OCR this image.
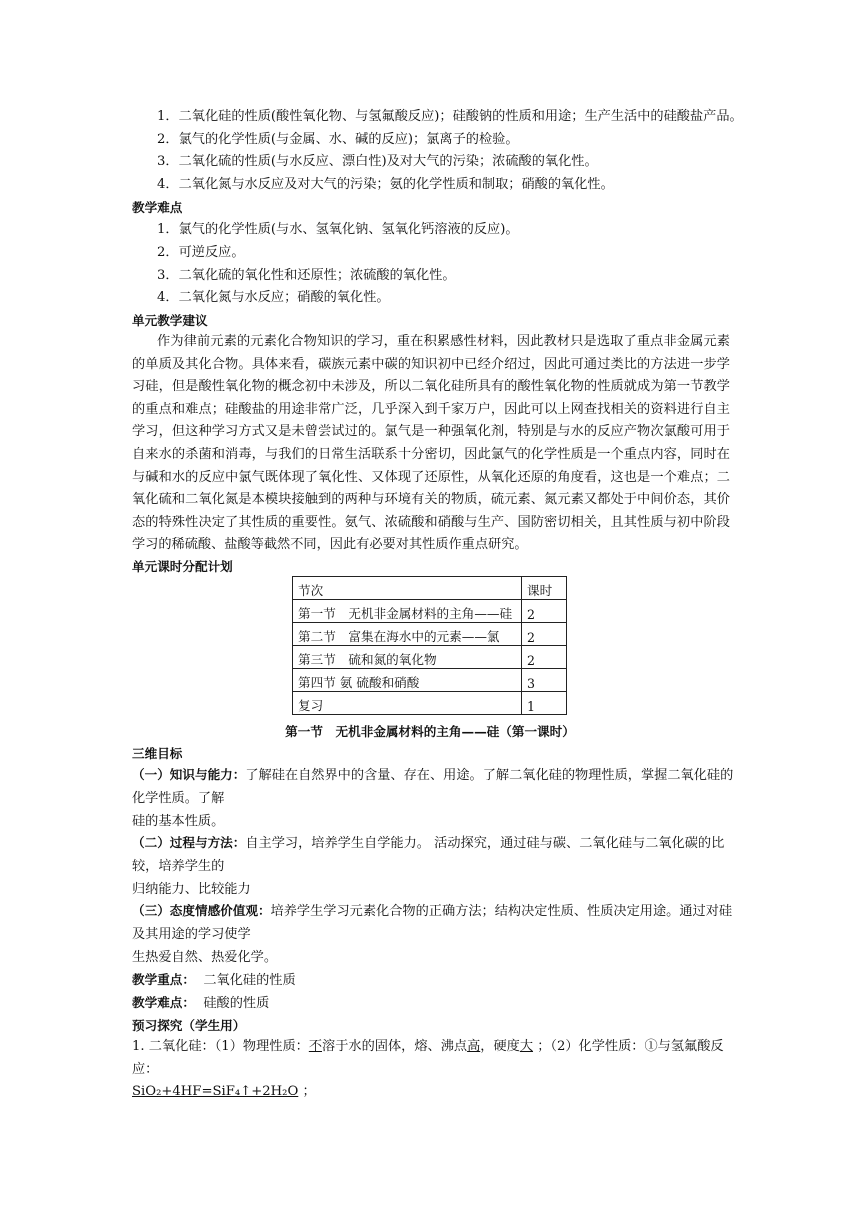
1．二氧化硅的性质(酸性氧化物、与氢氟酸反应)；硅酸钠的性质和用途；生产生活中的硅酸盐产品。
2．氯气的化学性质(与金属、水、碱的反应)；氯离子的检验。
3．二氧化硫的性质(与水反应、漂白性)及对大气的污染；浓硫酸的氧化性。
4．二氧化氮与水反应及对大气的污染；氨的化学性质和制取；硝酸的氧化性。
教学难点
1．氯气的化学性质(与水、氢氧化钠、氢氧化钙溶液的反应)。
2．可逆反应。
3．二氧化硫的氧化性和还原性；浓硫酸的氧化性。
4．二氧化氮与水反应；硝酸的氧化性。
单元教学建议
作为律前元素的元素化合物知识的学习，重在积累感性材料，因此教材只是选取了重点非金属元素的单质及其化合物。具体来看，碳族元素中碳的知识初中已经介绍过，因此可通过类比的方法进一步学习硅，但是酸性氧化物的概念初中未涉及，所以二氧化硅所具有的酸性氧化物的性质就成为第一节教学的重点和难点；硅酸盐的用途非常广泛，几乎深入到千家万户，因此可以上网查找相关的资料进行自主学习，但这种学习方式又是未曾尝试过的。氯气是一种强氧化剂，特别是与水的反应产物次氯酸可用于自来水的杀菌和消毒，与我们的日常生活联系十分密切，因此氯气的化学性质是一个重点内容，同时在与碱和水的反应中氯气既体现了氧化性、又体现了还原性，从氧化还原的角度看，这也是一个难点；二氧化硫和二氧化氮是本模块接触到的两种与环境有关的物质，硫元素、氮元素又都处于中间价态，其价态的特殊性决定了其性质的重要性。氨气、浓硫酸和硝酸与生产、国防密切相关，且其性质与初中阶段学习的稀硫酸、盐酸等截然不同，因此有必要对其性质作重点研究。
单元课时分配计划
节次	课时
第一节　无机非金属材料的主角——硅	2
第二节　富集在海水中的元素——氯	2
第三节　硫和氮的氧化物	2
第四节 氨 硫酸和硝酸	3
复习	1
第一节　无机非金属材料的主角——硅（第一课时）
三维目标
（一）知识与能力：了解硅在自然界中的含量、存在、用途。了解二氧化硅的物理性质，掌握二氧化硅的化学性质。了解
硅的基本性质。
（二）过程与方法：自主学习，培养学生自学能力。 活动探究，通过硅与碳、二氧化硅与二氧化碳的比较，培养学生的
归纳能力、比较能力
（三）态度情感价值观：培养学生学习元素化合物的正确方法；结构决定性质、性质决定用途。通过对硅及其用途的学习使学
生热爱自然、热爱化学。
教学重点： 二氧化硅的性质
教学难点： 硅酸的性质
预习探究（学生用）
1. 二氧化硅：（1）物理性质：不溶于水的固体，熔、沸点高，硬度大 ；（2）化学性质：①与氢氟酸反应：
SiO₂+4HF=SiF₄↑+2H₂O ；
